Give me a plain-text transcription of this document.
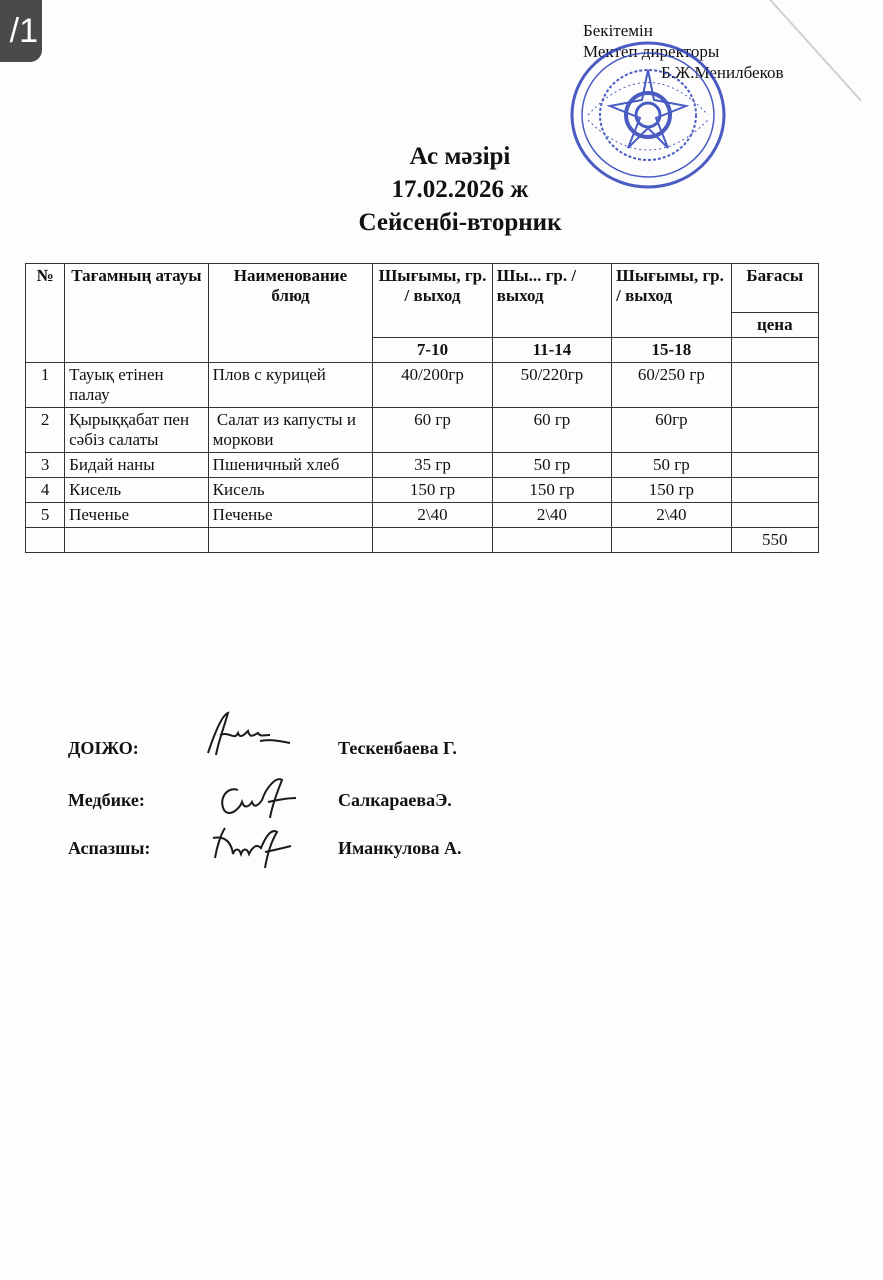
/1	Бекітемін
Мектеп директоры
Б.Ж.Менилбеков
Ас мәзірі
17.02.2026 ж
Сейсенбі-вторник
№	Тағамның атауы	Наименование блюд	Шығымы, гр. / выход	Шы... гр. / выход	Шығымы, гр. / выход	Бағасы
						цена
			7-10	11-14	15-18	
1	Тауық етінен палау	Плов с курицей	40/200гр	50/220гр	60/250 гр	
2	Қырыққабат пен сәбіз салаты	Салат из капусты и моркови	60 гр	60 гр	60гр	
3	Бидай наны	Пшеничный хлеб	35 гр	50 гр	50 гр	
4	Кисель	Кисель	150 гр	150 гр	150 гр	
5	Печенье	Печенье	2\40	2\40	2\40	
						550
ДОІЖО:	Тескенбаева Г.
Медбике:	СалкараеваЭ.
Аспазшы:	Иманкулова А.
